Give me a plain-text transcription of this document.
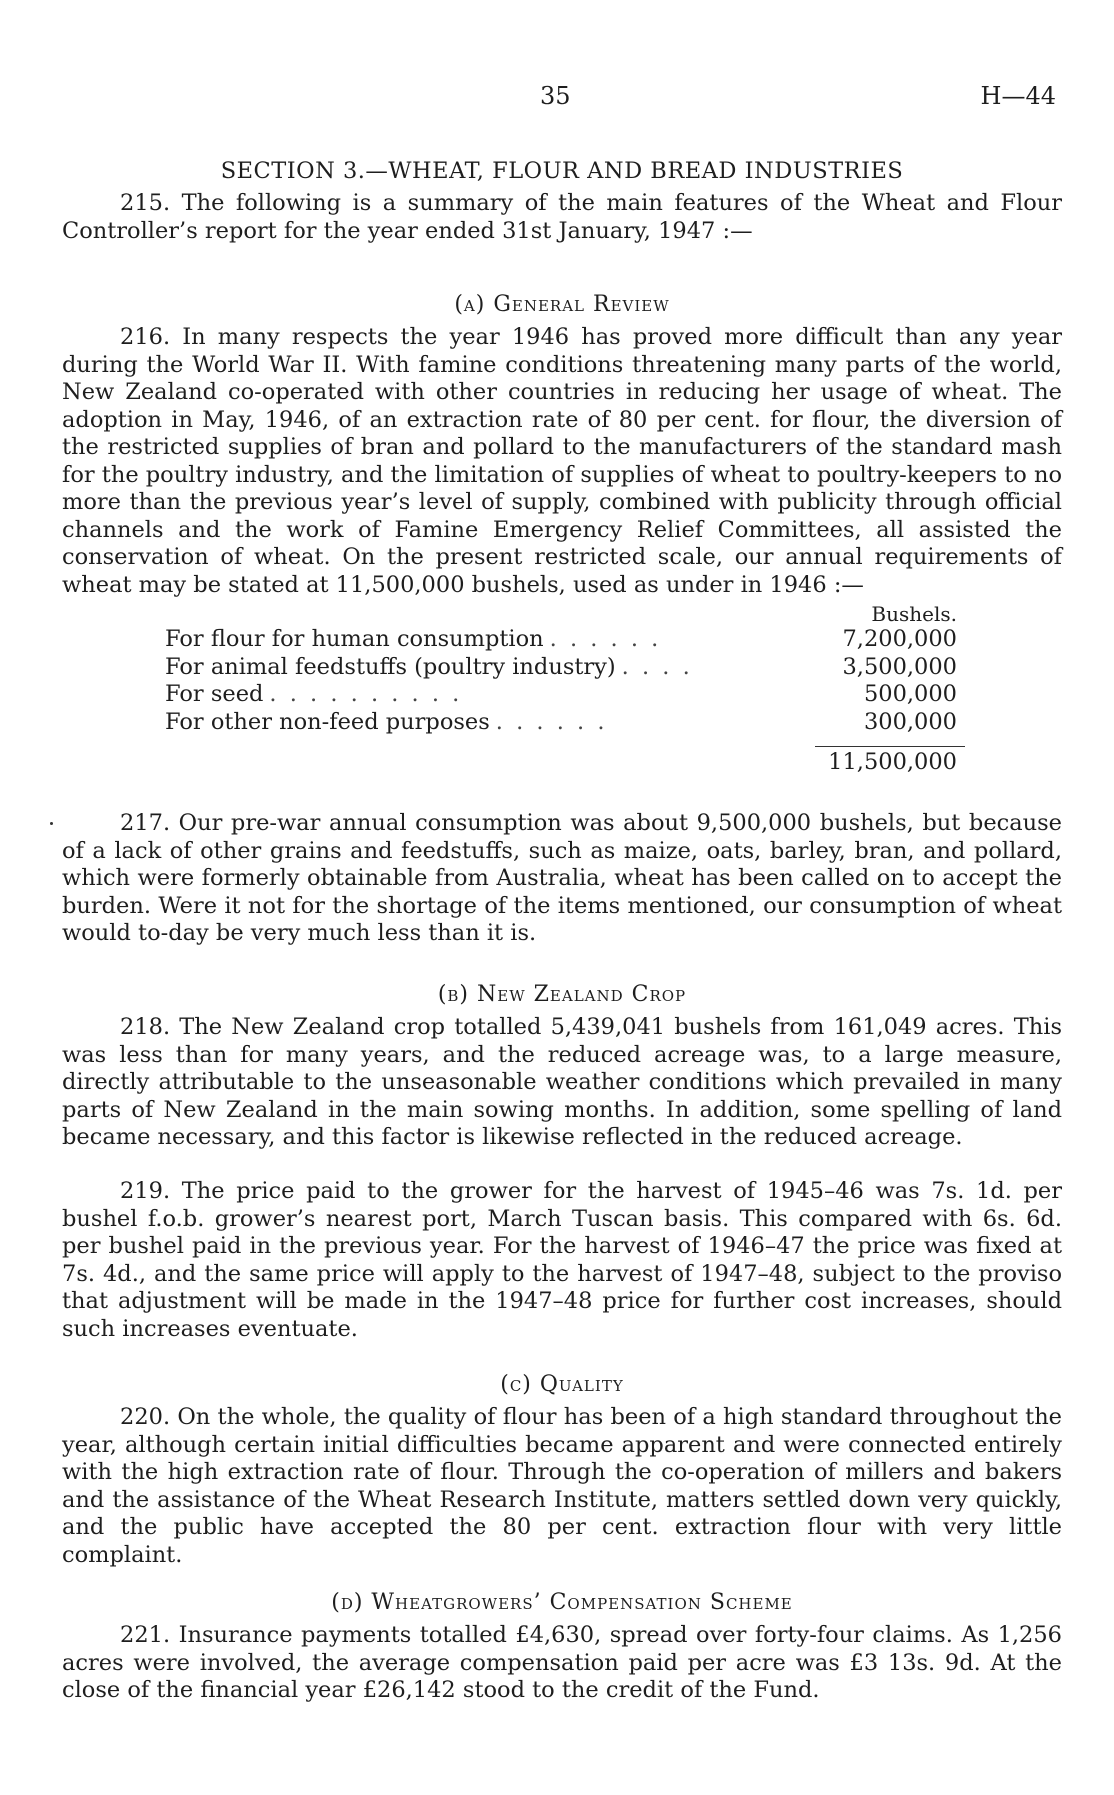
35	H—44
SECTION 3.—WHEAT, FLOUR AND BREAD INDUSTRIES

215. The following is a summary of the main features of the Wheat and Flour Controller’s report for the year ended 31st January, 1947 :—

(a) General Review

216. In many respects the year 1946 has proved more difficult than any year during the World War II. With famine conditions threatening many parts of the world, New Zealand co-operated with other countries in reducing her usage of wheat. The adoption in May, 1946, of an extraction rate of 80 per cent. for flour, the diversion of the restricted supplies of bran and pollard to the manufacturers of the standard mash for the poultry industry, and the limitation of supplies of wheat to poultry-keepers to no more than the previous year’s level of supply, combined with publicity through official channels and the work of Famine Emergency Relief Committees, all assisted the conservation of wheat. On the present restricted scale, our annual requirements of wheat may be stated at 11,500,000 bushels, used as under in 1946 :—

Bushels.
For flour for human consumption . . . . . .	7,200,000
For animal feedstuffs (poultry industry) . . . .	3,500,000
For seed . . . . . . . . . .	500,000
For other non-feed purposes . . . . . .	300,000
11,500,000

217. Our pre-war annual consumption was about 9,500,000 bushels, but because of a lack of other grains and feedstuffs, such as maize, oats, barley, bran, and pollard, which were formerly obtainable from Australia, wheat has been called on to accept the burden. Were it not for the shortage of the items mentioned, our consumption of wheat would to-day be very much less than it is.

(b) New Zealand Crop

218. The New Zealand crop totalled 5,439,041 bushels from 161,049 acres. This was less than for many years, and the reduced acreage was, to a large measure, directly attributable to the unseasonable weather conditions which prevailed in many parts of New Zealand in the main sowing months. In addition, some spelling of land became necessary, and this factor is likewise reflected in the reduced acreage.

219. The price paid to the grower for the harvest of 1945–46 was 7s. 1d. per bushel f.o.b. grower’s nearest port, March Tuscan basis. This compared with 6s. 6d. per bushel paid in the previous year. For the harvest of 1946–47 the price was fixed at 7s. 4d., and the same price will apply to the harvest of 1947–48, subject to the proviso that adjustment will be made in the 1947–48 price for further cost increases, should such increases eventuate.

(c) Quality

220. On the whole, the quality of flour has been of a high standard throughout the year, although certain initial difficulties became apparent and were connected entirely with the high extraction rate of flour. Through the co-operation of millers and bakers and the assistance of the Wheat Research Institute, matters settled down very quickly, and the public have accepted the 80 per cent. extraction flour with very little complaint.

(d) Wheatgrowers’ Compensation Scheme

221. Insurance payments totalled £4,630, spread over forty-four claims. As 1,256 acres were involved, the average compensation paid per acre was £3 13s. 9d. At the close of the financial year £26,142 stood to the credit of the Fund.
